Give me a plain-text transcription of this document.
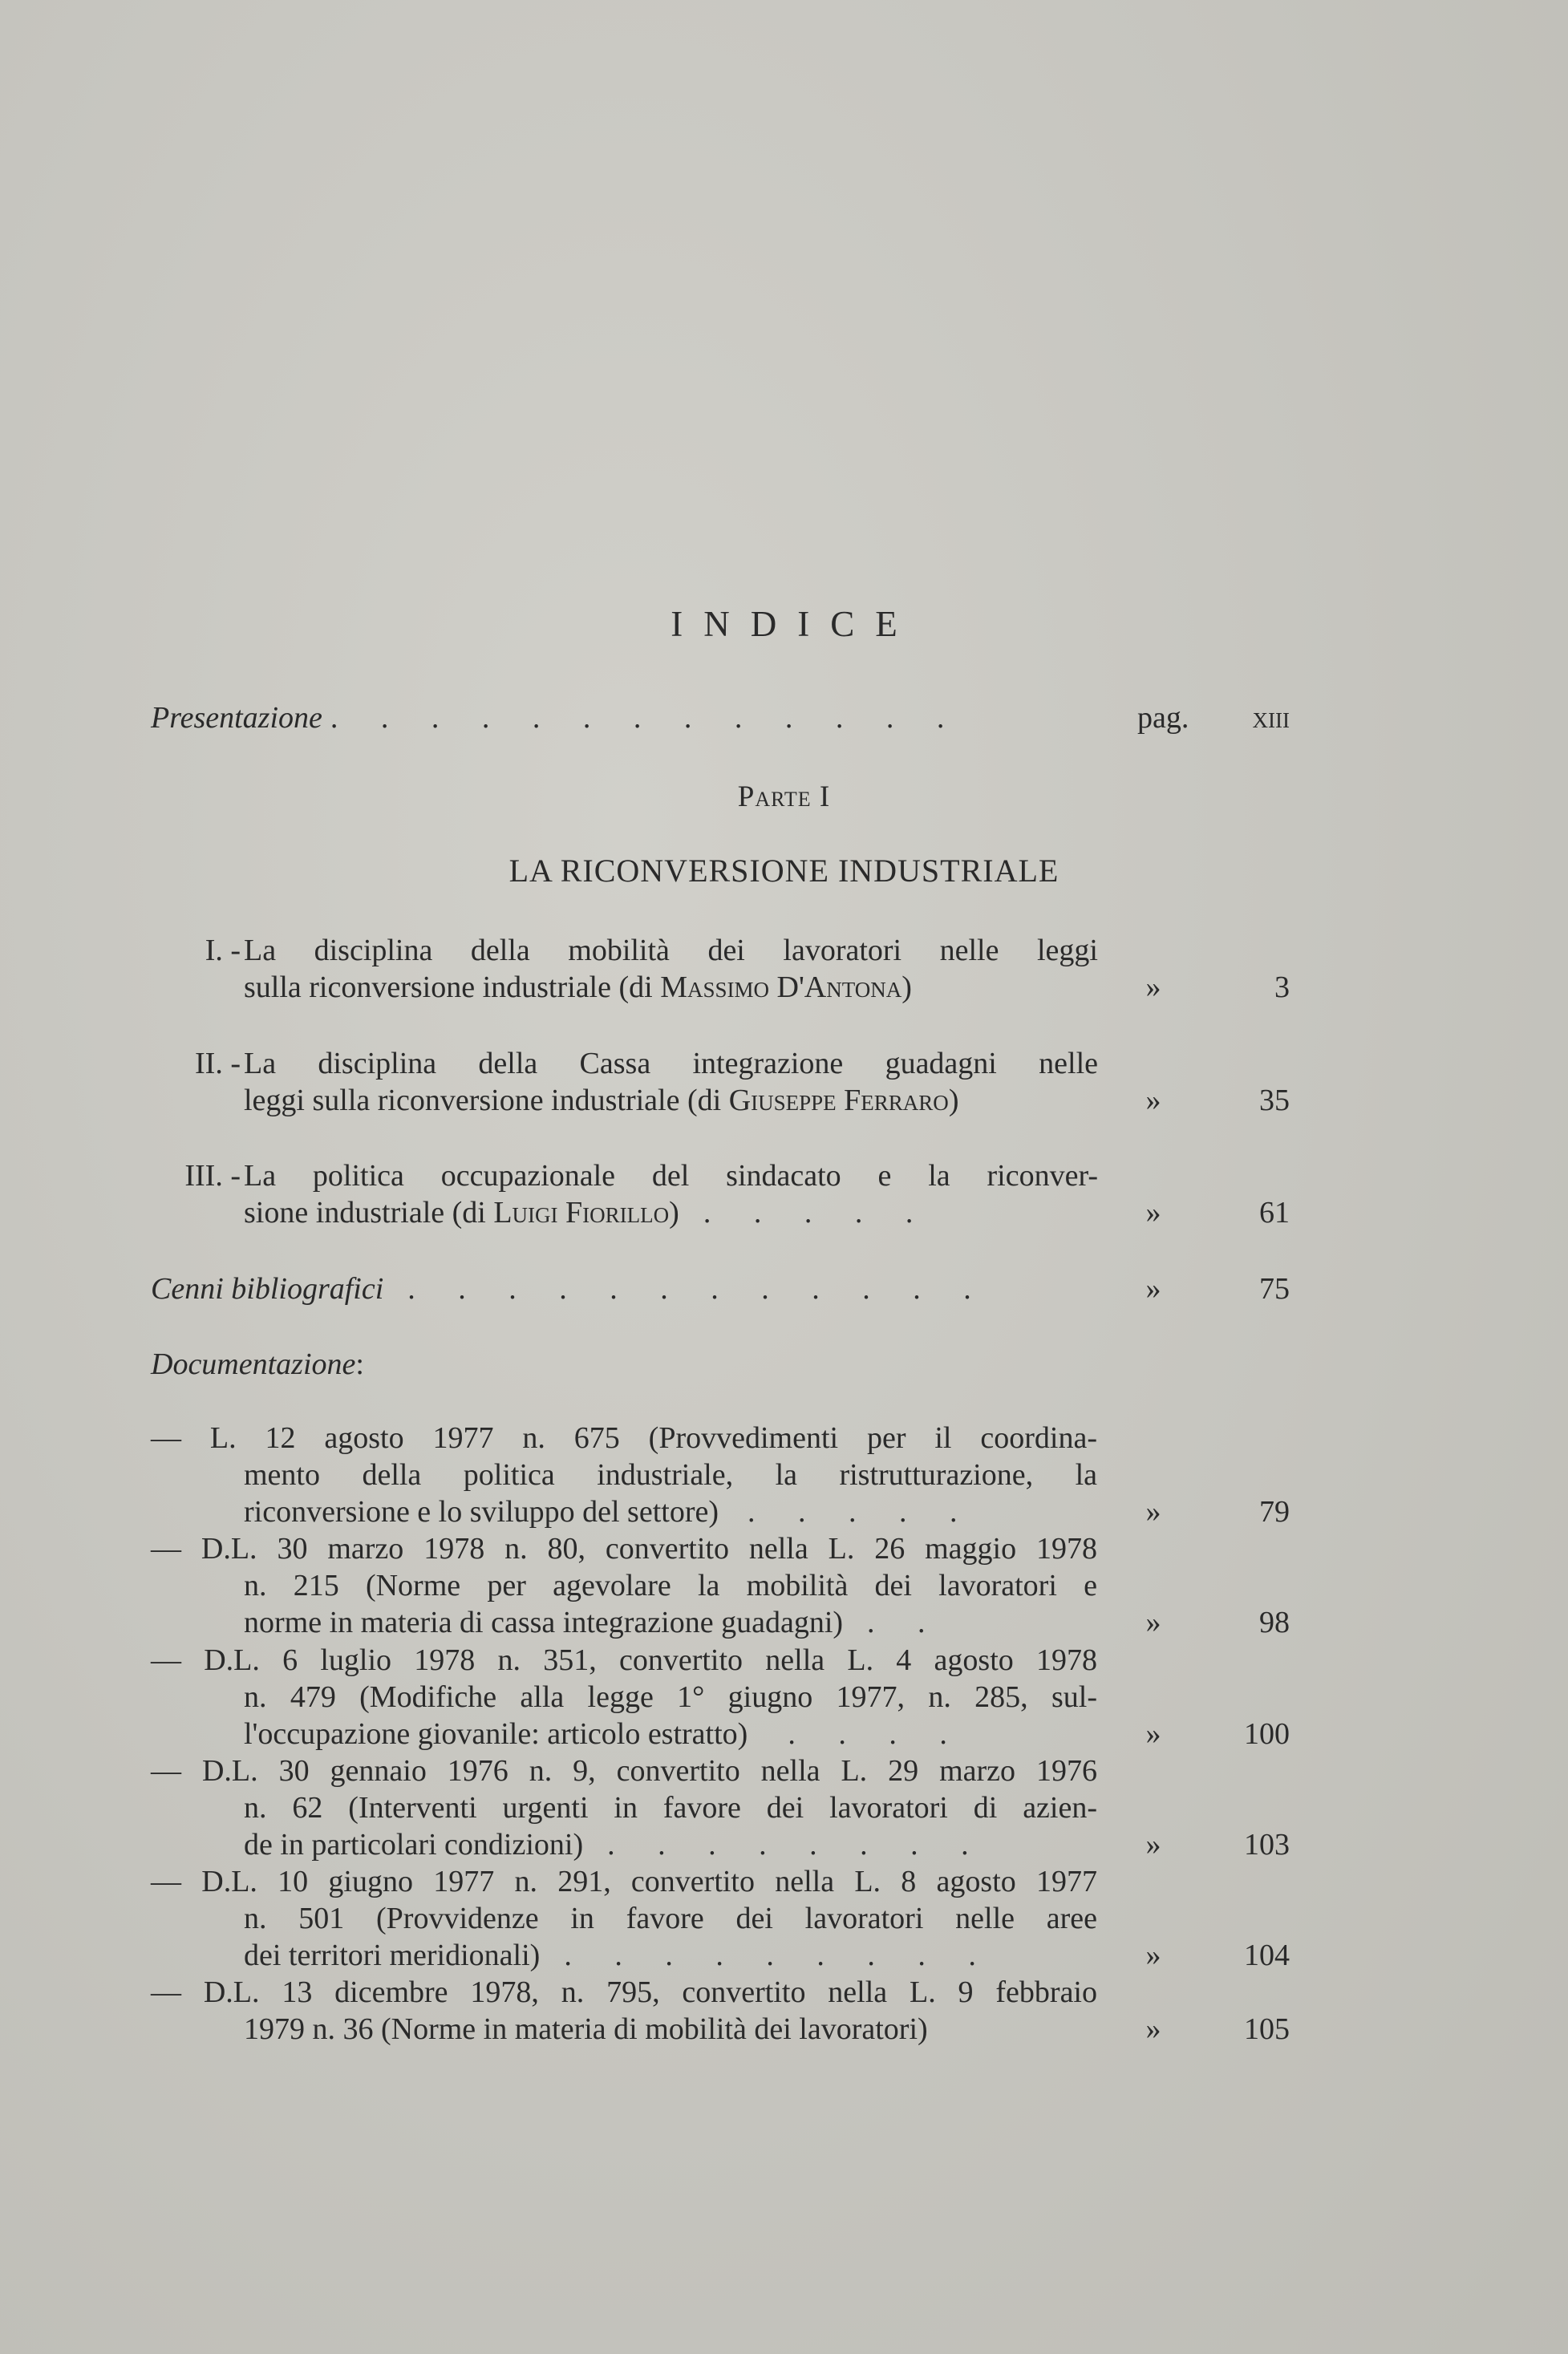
INDICE
Presentazione . . . . . . . . . . . . .	pag.	xiii
Parte I
LA RICONVERSIONE INDUSTRIALE
I. - La disciplina della mobilità dei lavoratori nelle leggi
sulla riconversione industriale (di Massimo D'Antona)	»	3
II. - La disciplina della Cassa integrazione guadagni nelle
leggi sulla riconversione industriale (di Giuseppe Ferraro)	»	35
III. - La politica occupazionale del sindacato e la riconver-
sione industriale (di Luigi Fiorillo) . . . . .	»	61
Cenni bibliografici . . . . . . . . . . . .	»	75
Documentazione:
— L. 12 agosto 1977 n. 675 (Provvedimenti per il coordina-
mento della politica industriale, la ristrutturazione, la
riconversione e lo sviluppo del settore) . . . . .	»	79
— D.L. 30 marzo 1978 n. 80, convertito nella L. 26 maggio 1978
n. 215 (Norme per agevolare la mobilità dei lavoratori e
norme in materia di cassa integrazione guadagni) . .	»	98
— D.L. 6 luglio 1978 n. 351, convertito nella L. 4 agosto 1978
n. 479 (Modifiche alla legge 1° giugno 1977, n. 285, sul-
l'occupazione giovanile: articolo estratto) . . . .	»	100
— D.L. 30 gennaio 1976 n. 9, convertito nella L. 29 marzo 1976
n. 62 (Interventi urgenti in favore dei lavoratori di azien-
de in particolari condizioni) . . . . . . . .	»	103
— D.L. 10 giugno 1977 n. 291, convertito nella L. 8 agosto 1977
n. 501 (Provvidenze in favore dei lavoratori nelle aree
dei territori meridionali) . . . . . . . . .	»	104
— D.L. 13 dicembre 1978, n. 795, convertito nella L. 9 febbraio
1979 n. 36 (Norme in materia di mobilità dei lavoratori)	»	105
